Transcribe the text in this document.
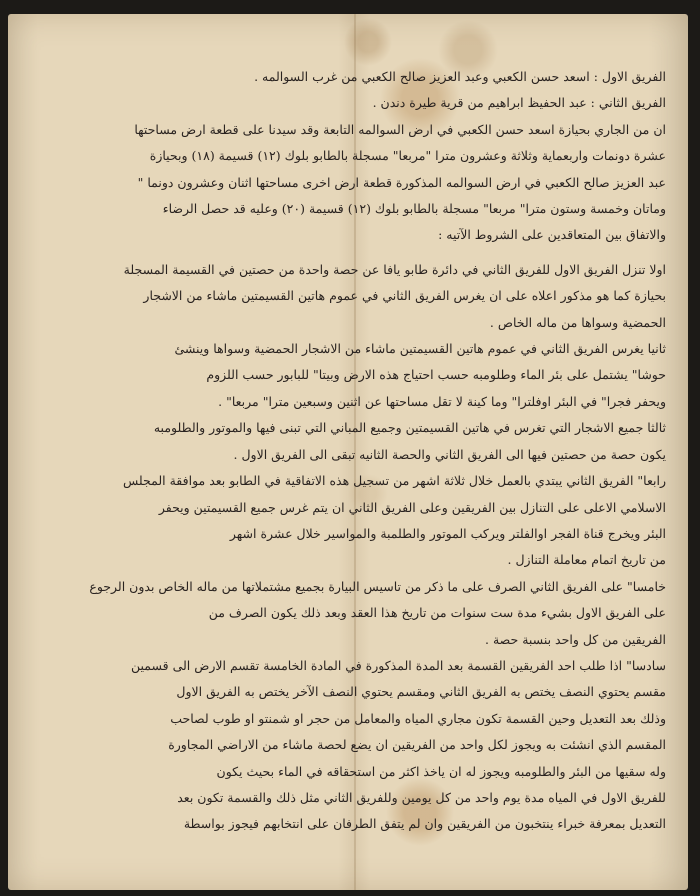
الفريق الاول : اسعد حسن الكعبي وعبد العزيز صالح الكعبي من غرب السوالمه .
الفريق الثاني : عبد الحفيظ ابراهيم من قرية طيرة دندن .
ان من الجاري بحيازة اسعد حسن الكعبي في ارض السوالمه التابعة وقد سيدنا على قطعة ارض مساحتها
عشرة دونمات واربعماية وثلاثة وعشرون مترا "مربعا" مسجلة بالطابو بلوك (١٢) قسيمة (١٨) وبحيازة
عبد العزيز صالح الكعبي في ارض السوالمه المذكورة قطعة ارض اخرى مساحتها اثنان وعشرون دونما "
وماتان وخمسة وستون مترا" مربعا" مسجلة بالطابو بلوك (١٢) قسيمة (٢٠) وعليه قد حصل الرضاء
والاتفاق بين المتعاقدين على الشروط الآتيه :
اولا تنزل الفريق الاول للفريق الثاني في دائرة طابو يافا عن حصة واحدة من حصتين في القسيمة المسجلة
بحيازة كما هو مذكور اعلاه على ان يغرس الفريق الثاني في عموم هاتين القسيمتين ماشاء من الاشجار
الحمضية وسواها من ماله الخاص .
ثانيا يغرس الفريق الثاني في عموم هاتين القسيمتين ماشاء من الاشجار الحمضية وسواها وينشئ
حوشا" يشتمل على بئر الماء وطلومبه حسب احتياج هذه الارض وبيتا" للبابور حسب اللزوم
ويحفر فجرا" في البئر اوفلترا" وما كينة لا تقل مساحتها عن اثنين وسبعين مترا" مربعا" .
ثالثا جميع الاشجار التي تغرس في هاتين القسيمتين وجميع المباني التي تبنى فيها والموتور والطلومبه
يكون حصة من حصتين فيها الى الفريق الثاني والحصة الثانيه تبقى الى الفريق الاول .
رابعا" الفريق الثاني يبتدي بالعمل خلال ثلاثة اشهر من تسجيل هذه الاتفاقية في الطابو بعد موافقة المجلس
الاسلامي الاعلى على التنازل بين الفريقين وعلى الفريق الثاني ان يتم غرس جميع القسيمتين ويحفر
البئر ويخرج قناة الفجر اوالفلتر ويركب الموتور والطلمبة والمواسير خلال عشرة اشهر
من تاريخ اتمام معاملة التنازل .
خامسا" على الفريق الثاني الصرف على ما ذكر من تاسيس البيارة بجميع مشتملاتها من ماله الخاص بدون الرجوع
على الفريق الاول بشيء مدة ست سنوات من تاريخ هذا العقد وبعد ذلك يكون الصرف من
الفريقين من كل واحد بنسبة حصة .
سادسا" اذا طلب احد الفريقين القسمة بعد المدة المذكورة في المادة الخامسة تقسم الارض الى قسمين
مقسم يحتوي النصف يختص به الفريق الثاني ومقسم يحتوي النصف الآخر يختص به الفريق الاول
وذلك بعد التعديل وحين القسمة تكون مجاري المياه والمعامل من حجر او شمنتو او طوب لصاحب
المقسم الذي انشئت به ويجوز لكل واحد من الفريقين ان يضع لحصة ماشاء من الاراضي المجاورة
وله سقيها من البئر والطلومبه ويجوز له ان ياخذ اكثر من استحقاقه في الماء بحيث يكون
للفريق الاول في المياه مدة يوم واحد من كل يومين وللفريق الثاني مثل ذلك والقسمة تكون بعد
التعديل بمعرفة خبراء ينتخبون من الفريقين وان لم يتفق الطرفان على انتخابهم فيجوز بواسطة
